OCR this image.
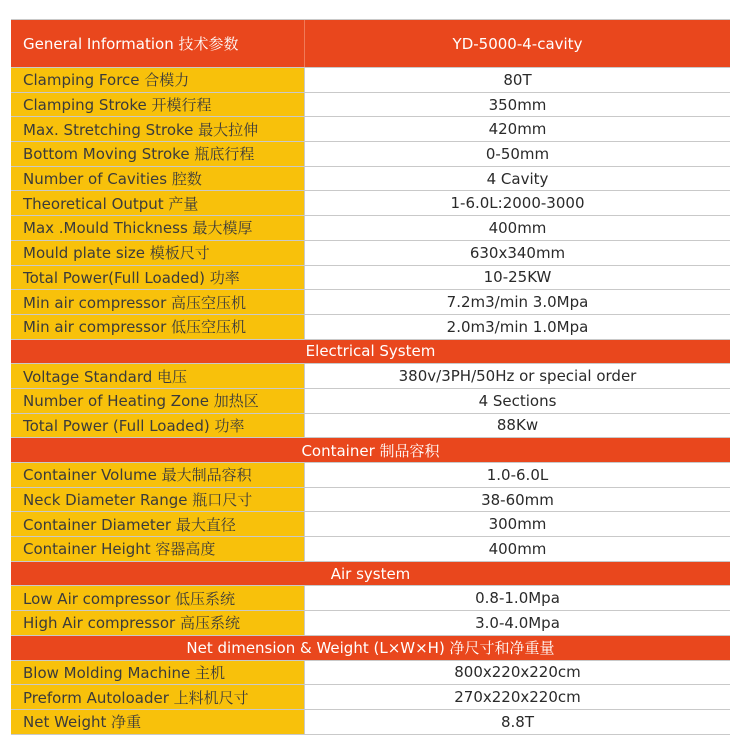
General Information 技术参数	YD-5000-4-cavity
Clamping Force 合模力	80T
Clamping Stroke 开模行程	350mm
Max. Stretching Stroke 最大拉伸	420mm
Bottom Moving Stroke 瓶底行程	0-50mm
Number of Cavities 腔数	4 Cavity
Theoretical Output 产量	1-6.0L:2000-3000
Max .Mould Thickness 最大模厚	400mm
Mould plate size 模板尺寸	630x340mm
Total Power(Full Loaded) 功率	10-25KW
Min air compressor 高压空压机	7.2m3/min 3.0Mpa
Min air compressor 低压空压机	2.0m3/min 1.0Mpa
Electrical System
Voltage Standard 电压	380v/3PH/50Hz or special order
Number of Heating Zone 加热区	4 Sections
Total Power (Full Loaded) 功率	88Kw
Container 制品容积
Container Volume 最大制品容积	1.0-6.0L
Neck Diameter Range 瓶口尺寸	38-60mm
Container Diameter 最大直径	300mm
Container Height 容器高度	400mm
Air system
Low Air compressor 低压系统	0.8-1.0Mpa
High Air compressor 高压系统	3.0-4.0Mpa
Net dimension & Weight (L×W×H) 净尺寸和净重量
Blow Molding Machine 主机	800x220x220cm
Preform Autoloader 上料机尺寸	270x220x220cm
Net Weight 净重	8.8T
